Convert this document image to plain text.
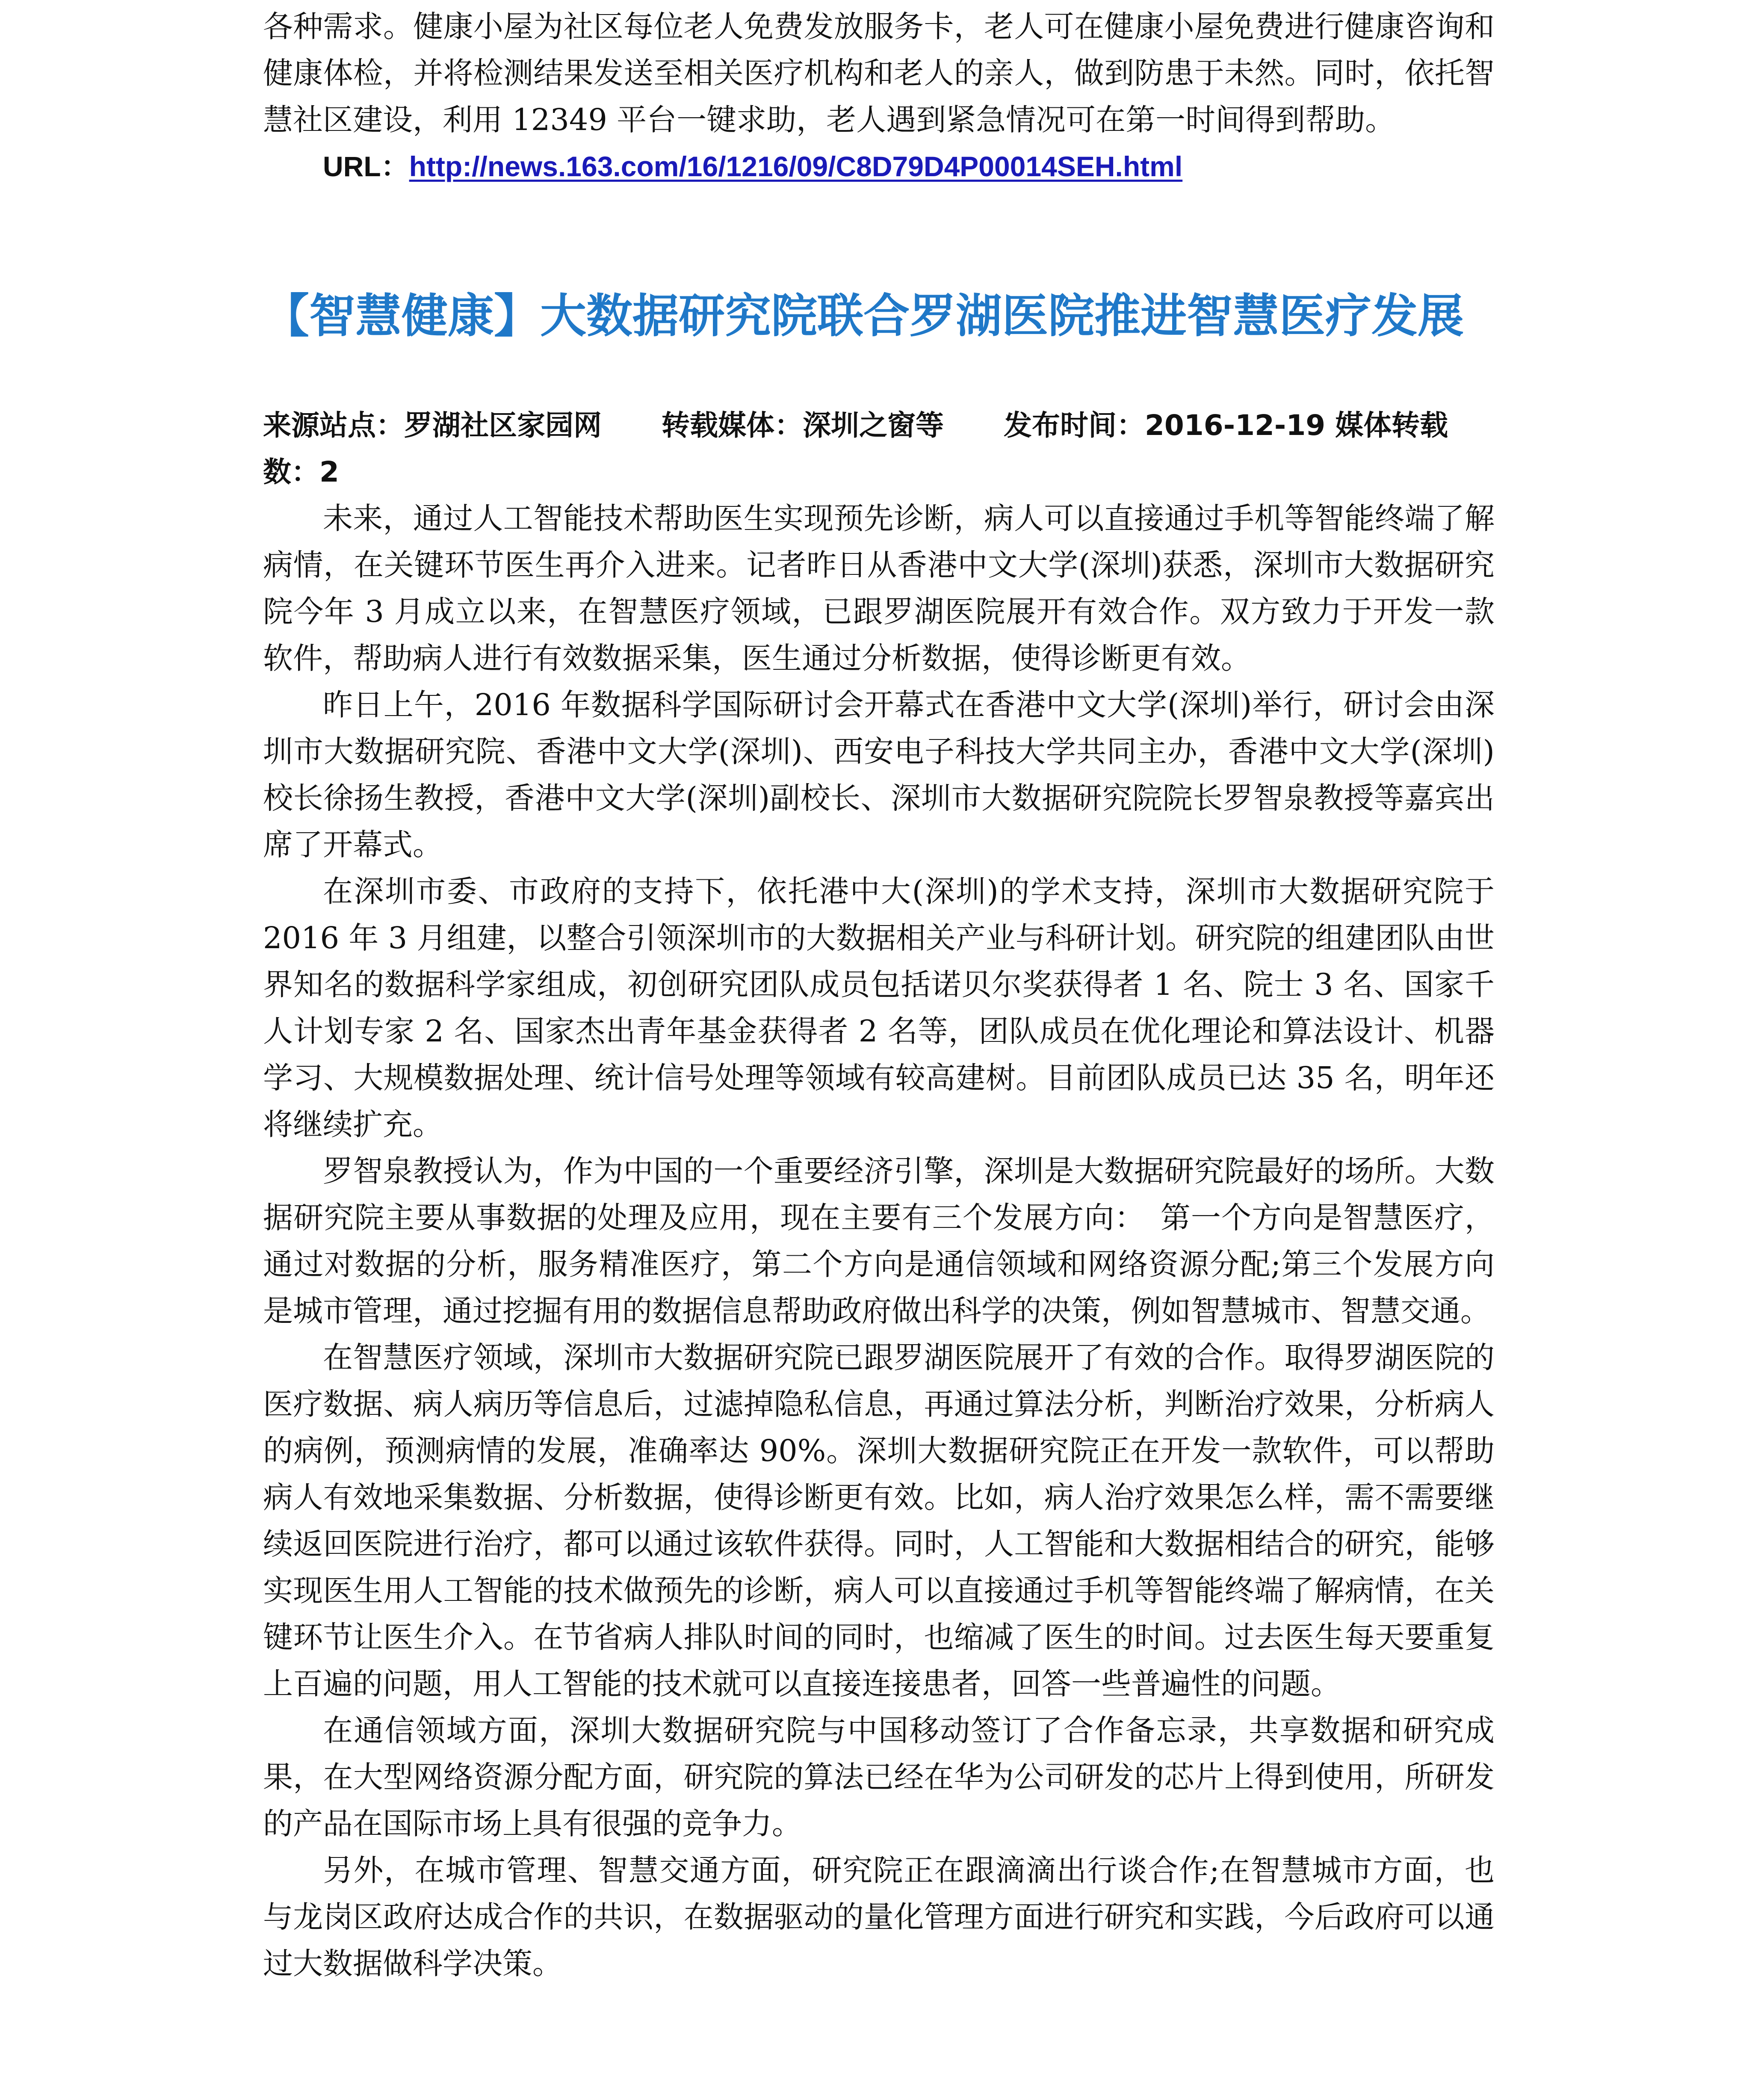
各种需求。健康小屋为社区每位老人免费发放服务卡，老人可在健康小屋免费进行健康咨询和健康体检，并将检测结果发送至相关医疗机构和老人的亲人，做到防患于未然。同时，依托智慧社区建设，利用 12349 平台一键求助，老人遇到紧急情况可在第一时间得到帮助。

URL：http://news.163.com/16/1216/09/C8D79D4P00014SEH.html
【智慧健康】大数据研究院联合罗湖医院推进智慧医疗发展
来源站点：罗湖社区家园网 转载媒体：深圳之窗等 发布时间：2016-12-19 媒体转载数：2

未来，通过人工智能技术帮助医生实现预先诊断，病人可以直接通过手机等智能终端了解病情，在关键环节医生再介入进来。记者昨日从香港中文大学(深圳)获悉，深圳市大数据研究院今年 3 月成立以来，在智慧医疗领域，已跟罗湖医院展开有效合作。双方致力于开发一款软件，帮助病人进行有效数据采集，医生通过分析数据，使得诊断更有效。

昨日上午，2016 年数据科学国际研讨会开幕式在香港中文大学(深圳)举行，研讨会由深圳市大数据研究院、香港中文大学(深圳)、西安电子科技大学共同主办，香港中文大学(深圳)校长徐扬生教授，香港中文大学(深圳)副校长、深圳市大数据研究院院长罗智泉教授等嘉宾出席了开幕式。

在深圳市委、市政府的支持下，依托港中大(深圳)的学术支持，深圳市大数据研究院于 2016 年 3 月组建，以整合引领深圳市的大数据相关产业与科研计划。研究院的组建团队由世界知名的数据科学家组成，初创研究团队成员包括诺贝尔奖获得者 1 名、院士 3 名、国家千人计划专家 2 名、国家杰出青年基金获得者 2 名等，团队成员在优化理论和算法设计、机器学习、大规模数据处理、统计信号处理等领域有较高建树。目前团队成员已达 35 名，明年还将继续扩充。

罗智泉教授认为，作为中国的一个重要经济引擎，深圳是大数据研究院最好的场所。大数据研究院主要从事数据的处理及应用，现在主要有三个发展方向：　第一个方向是智慧医疗，通过对数据的分析，服务精准医疗，第二个方向是通信领域和网络资源分配;第三个发展方向是城市管理，通过挖掘有用的数据信息帮助政府做出科学的决策，例如智慧城市、智慧交通。

在智慧医疗领域，深圳市大数据研究院已跟罗湖医院展开了有效的合作。取得罗湖医院的医疗数据、病人病历等信息后，过滤掉隐私信息，再通过算法分析，判断治疗效果，分析病人的病例，预测病情的发展，准确率达 90%。深圳大数据研究院正在开发一款软件，可以帮助病人有效地采集数据、分析数据，使得诊断更有效。比如，病人治疗效果怎么样，需不需要继续返回医院进行治疗，都可以通过该软件获得。同时，人工智能和大数据相结合的研究，能够实现医生用人工智能的技术做预先的诊断，病人可以直接通过手机等智能终端了解病情，在关键环节让医生介入。在节省病人排队时间的同时，也缩减了医生的时间。过去医生每天要重复上百遍的问题，用人工智能的技术就可以直接连接患者，回答一些普遍性的问题。

在通信领域方面，深圳大数据研究院与中国移动签订了合作备忘录，共享数据和研究成果，在大型网络资源分配方面，研究院的算法已经在华为公司研发的芯片上得到使用，所研发的产品在国际市场上具有很强的竞争力。

另外，在城市管理、智慧交通方面，研究院正在跟滴滴出行谈合作;在智慧城市方面，也与龙岗区政府达成合作的共识，在数据驱动的量化管理方面进行研究和实践，今后政府可以通过大数据做科学决策。
